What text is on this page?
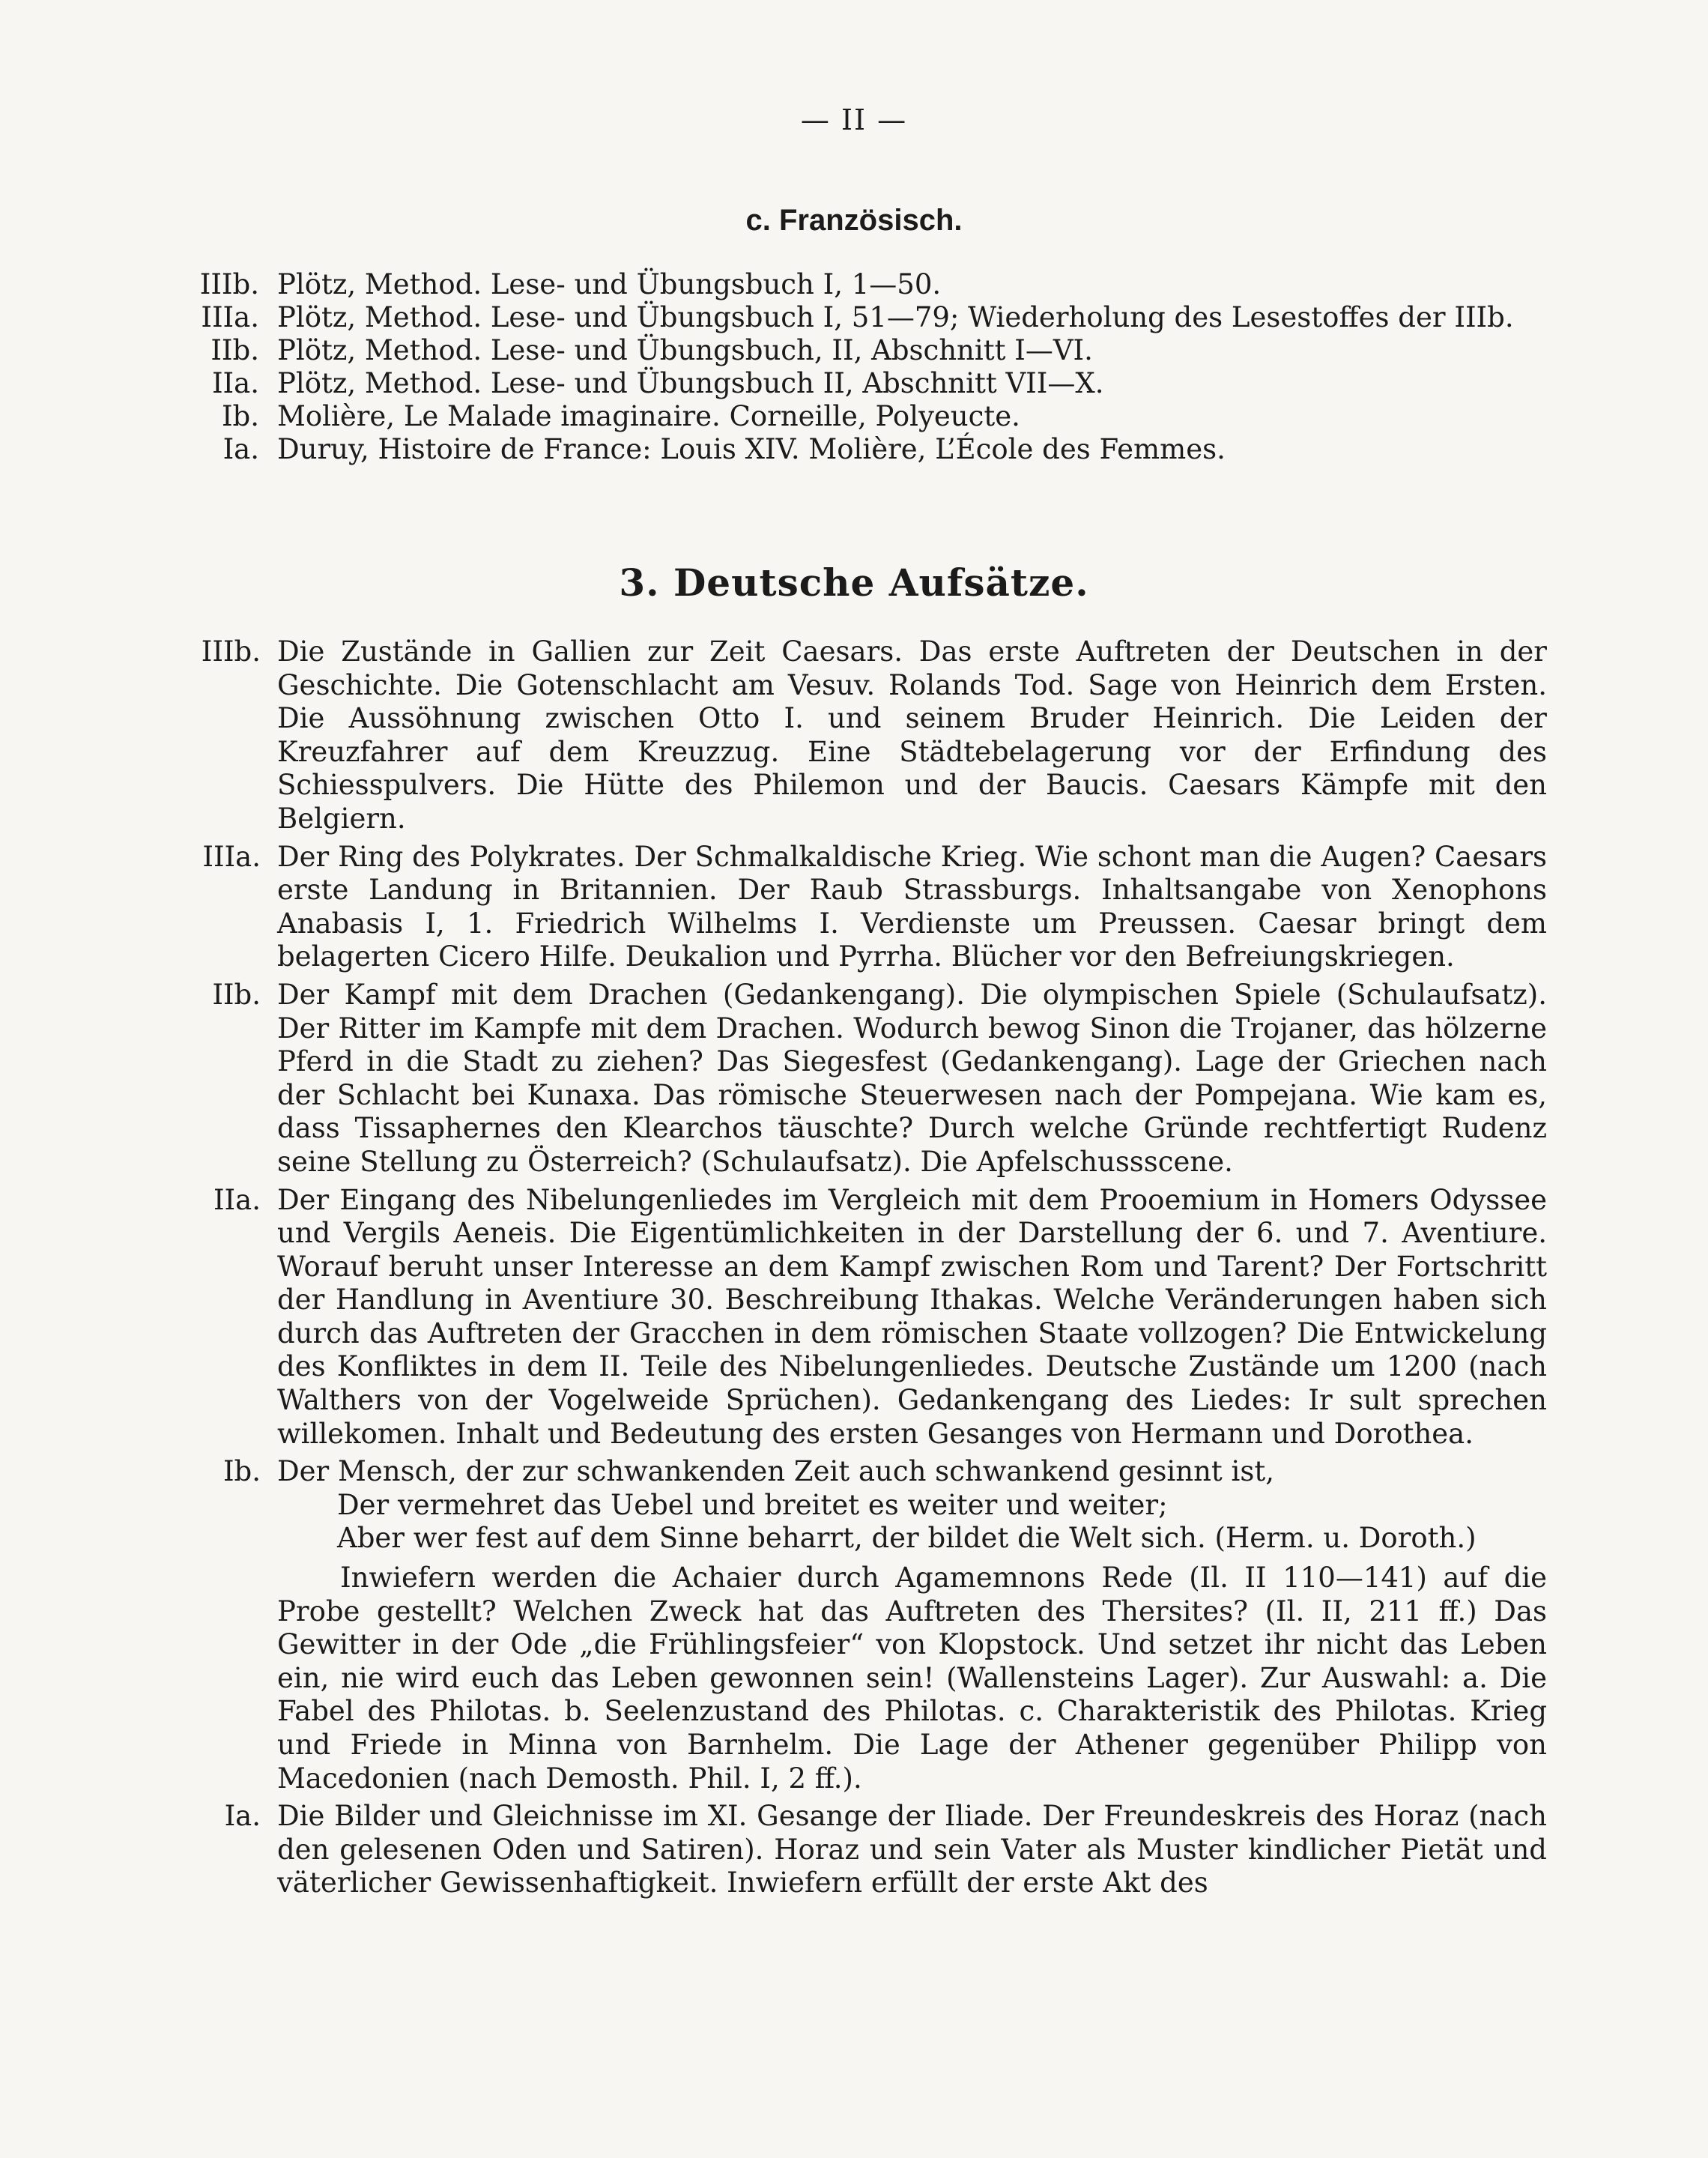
— II —
c. Französisch.
IIIb. Plötz, Method. Lese- und Übungsbuch I, 1—50.
IIIa. Plötz, Method. Lese- und Übungsbuch I, 51—79; Wiederholung des Lesestoffes der IIIb.
IIb. Plötz, Method. Lese- und Übungsbuch, II, Abschnitt I—VI.
IIa. Plötz, Method. Lese- und Übungsbuch II, Abschnitt VII—X.
Ib. Molière, Le Malade imaginaire. Corneille, Polyeucte.
Ia. Duruy, Histoire de France: Louis XIV. Molière, L’École des Femmes.
3. Deutsche Aufsätze.
IIIb. Die Zustände in Gallien zur Zeit Caesars. Das erste Auftreten der Deutschen in der Geschichte. Die Gotenschlacht am Vesuv. Rolands Tod. Sage von Heinrich dem Ersten. Die Aussöhnung zwischen Otto I. und seinem Bruder Heinrich. Die Leiden der Kreuzfahrer auf dem Kreuzzug. Eine Städtebelagerung vor der Erfindung des Schiesspulvers. Die Hütte des Philemon und der Baucis. Caesars Kämpfe mit den Belgiern.
IIIa. Der Ring des Polykrates. Der Schmalkaldische Krieg. Wie schont man die Augen? Caesars erste Landung in Britannien. Der Raub Strassburgs. Inhaltsangabe von Xenophons Anabasis I, 1. Friedrich Wilhelms I. Verdienste um Preussen. Caesar bringt dem belagerten Cicero Hilfe. Deukalion und Pyrrha. Blücher vor den Befreiungskriegen.
IIb. Der Kampf mit dem Drachen (Gedankengang). Die olympischen Spiele (Schulaufsatz). Der Ritter im Kampfe mit dem Drachen. Wodurch bewog Sinon die Trojaner, das hölzerne Pferd in die Stadt zu ziehen? Das Siegesfest (Gedankengang). Lage der Griechen nach der Schlacht bei Kunaxa. Das römische Steuerwesen nach der Pompejana. Wie kam es, dass Tissaphernes den Klearchos täuschte? Durch welche Gründe rechtfertigt Rudenz seine Stellung zu Österreich? (Schulaufsatz). Die Apfelschussscene.
IIa. Der Eingang des Nibelungenliedes im Vergleich mit dem Prooemium in Homers Odyssee und Vergils Aeneis. Die Eigentümlichkeiten in der Darstellung der 6. und 7. Aventiure. Worauf beruht unser Interesse an dem Kampf zwischen Rom und Tarent? Der Fortschritt der Handlung in Aventiure 30. Beschreibung Ithakas. Welche Veränderungen haben sich durch das Auftreten der Gracchen in dem römischen Staate vollzogen? Die Entwickelung des Konfliktes in dem II. Teile des Nibelungenliedes. Deutsche Zustände um 1200 (nach Walthers von der Vogelweide Sprüchen). Gedankengang des Liedes: Ir sult sprechen willekomen. Inhalt und Bedeutung des ersten Gesanges von Hermann und Dorothea.
Ib. Der Mensch, der zur schwankenden Zeit auch schwankend gesinnt ist,
Der vermehret das Uebel und breitet es weiter und weiter;
Aber wer fest auf dem Sinne beharrt, der bildet die Welt sich. (Herm. u. Doroth.)
Inwiefern werden die Achaier durch Agamemnons Rede (Il. II 110—141) auf die Probe gestellt? Welchen Zweck hat das Auftreten des Thersites? (Il. II, 211 ff.) Das Gewitter in der Ode „die Frühlingsfeier“ von Klopstock. Und setzet ihr nicht das Leben ein, nie wird euch das Leben gewonnen sein! (Wallensteins Lager). Zur Auswahl: a. Die Fabel des Philotas. b. Seelenzustand des Philotas. c. Charakteristik des Philotas. Krieg und Friede in Minna von Barnhelm. Die Lage der Athener gegenüber Philipp von Macedonien (nach Demosth. Phil. I, 2 ff.).
Ia. Die Bilder und Gleichnisse im XI. Gesange der Iliade. Der Freundeskreis des Horaz (nach den gelesenen Oden und Satiren). Horaz und sein Vater als Muster kindlicher Pietät und väterlicher Gewissenhaftigkeit. Inwiefern erfüllt der erste Akt des
